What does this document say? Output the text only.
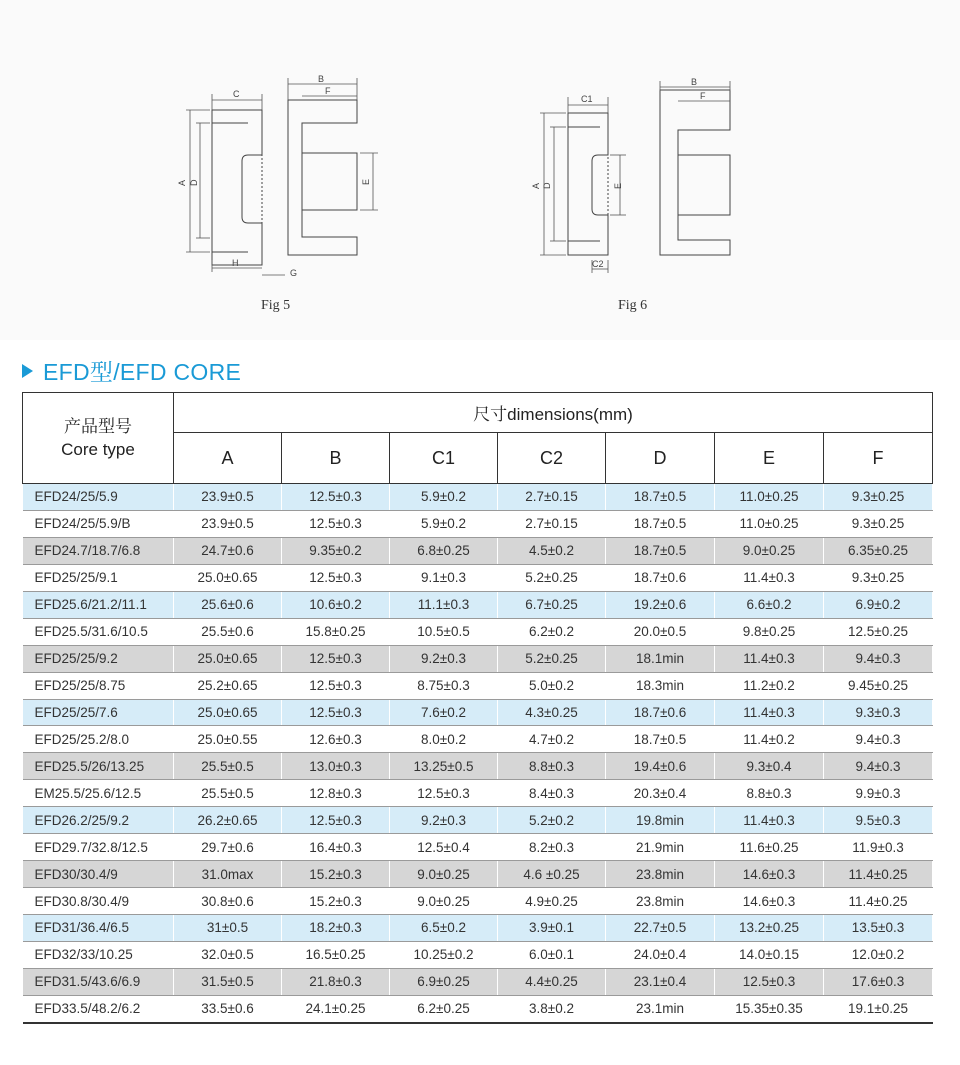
A D
C
B
F
E
H
G
Fig 5
A D
C1
B
F
E
C2
Fig 6
EFD型/EFD CORE
产品型号
Core type	尺寸dimensions(mm)						
	A	B	C1	C2	D	E	F
EFD24/25/5.9	23.9±0.5	12.5±0.3	5.9±0.2	2.7±0.15	18.7±0.5	11.0±0.25	9.3±0.25
EFD24/25/5.9/B	23.9±0.5	12.5±0.3	5.9±0.2	2.7±0.15	18.7±0.5	11.0±0.25	9.3±0.25
EFD24.7/18.7/6.8	24.7±0.6	9.35±0.2	6.8±0.25	4.5±0.2	18.7±0.5	9.0±0.25	6.35±0.25
EFD25/25/9.1	25.0±0.65	12.5±0.3	9.1±0.3	5.2±0.25	18.7±0.6	11.4±0.3	9.3±0.25
EFD25.6/21.2/11.1	25.6±0.6	10.6±0.2	11.1±0.3	6.7±0.25	19.2±0.6	6.6±0.2	6.9±0.2
EFD25.5/31.6/10.5	25.5±0.6	15.8±0.25	10.5±0.5	6.2±0.2	20.0±0.5	9.8±0.25	12.5±0.25
EFD25/25/9.2	25.0±0.65	12.5±0.3	9.2±0.3	5.2±0.25	18.1min	11.4±0.3	9.4±0.3
EFD25/25/8.75	25.2±0.65	12.5±0.3	8.75±0.3	5.0±0.2	18.3min	11.2±0.2	9.45±0.25
EFD25/25/7.6	25.0±0.65	12.5±0.3	7.6±0.2	4.3±0.25	18.7±0.6	11.4±0.3	9.3±0.3
EFD25/25.2/8.0	25.0±0.55	12.6±0.3	8.0±0.2	4.7±0.2	18.7±0.5	11.4±0.2	9.4±0.3
EFD25.5/26/13.25	25.5±0.5	13.0±0.3	13.25±0.5	8.8±0.3	19.4±0.6	9.3±0.4	9.4±0.3
EM25.5/25.6/12.5	25.5±0.5	12.8±0.3	12.5±0.3	8.4±0.3	20.3±0.4	8.8±0.3	9.9±0.3
EFD26.2/25/9.2	26.2±0.65	12.5±0.3	9.2±0.3	5.2±0.2	19.8min	11.4±0.3	9.5±0.3
EFD29.7/32.8/12.5	29.7±0.6	16.4±0.3	12.5±0.4	8.2±0.3	21.9min	11.6±0.25	11.9±0.3
EFD30/30.4/9	31.0max	15.2±0.3	9.0±0.25	4.6 ±0.25	23.8min	14.6±0.3	11.4±0.25
EFD30.8/30.4/9	30.8±0.6	15.2±0.3	9.0±0.25	4.9±0.25	23.8min	14.6±0.3	11.4±0.25
EFD31/36.4/6.5	31±0.5	18.2±0.3	6.5±0.2	3.9±0.1	22.7±0.5	13.2±0.25	13.5±0.3
EFD32/33/10.25	32.0±0.5	16.5±0.25	10.25±0.2	6.0±0.1	24.0±0.4	14.0±0.15	12.0±0.2
EFD31.5/43.6/6.9	31.5±0.5	21.8±0.3	6.9±0.25	4.4±0.25	23.1±0.4	12.5±0.3	17.6±0.3
EFD33.5/48.2/6.2	33.5±0.6	24.1±0.25	6.2±0.25	3.8±0.2	23.1min	15.35±0.35	19.1±0.25
